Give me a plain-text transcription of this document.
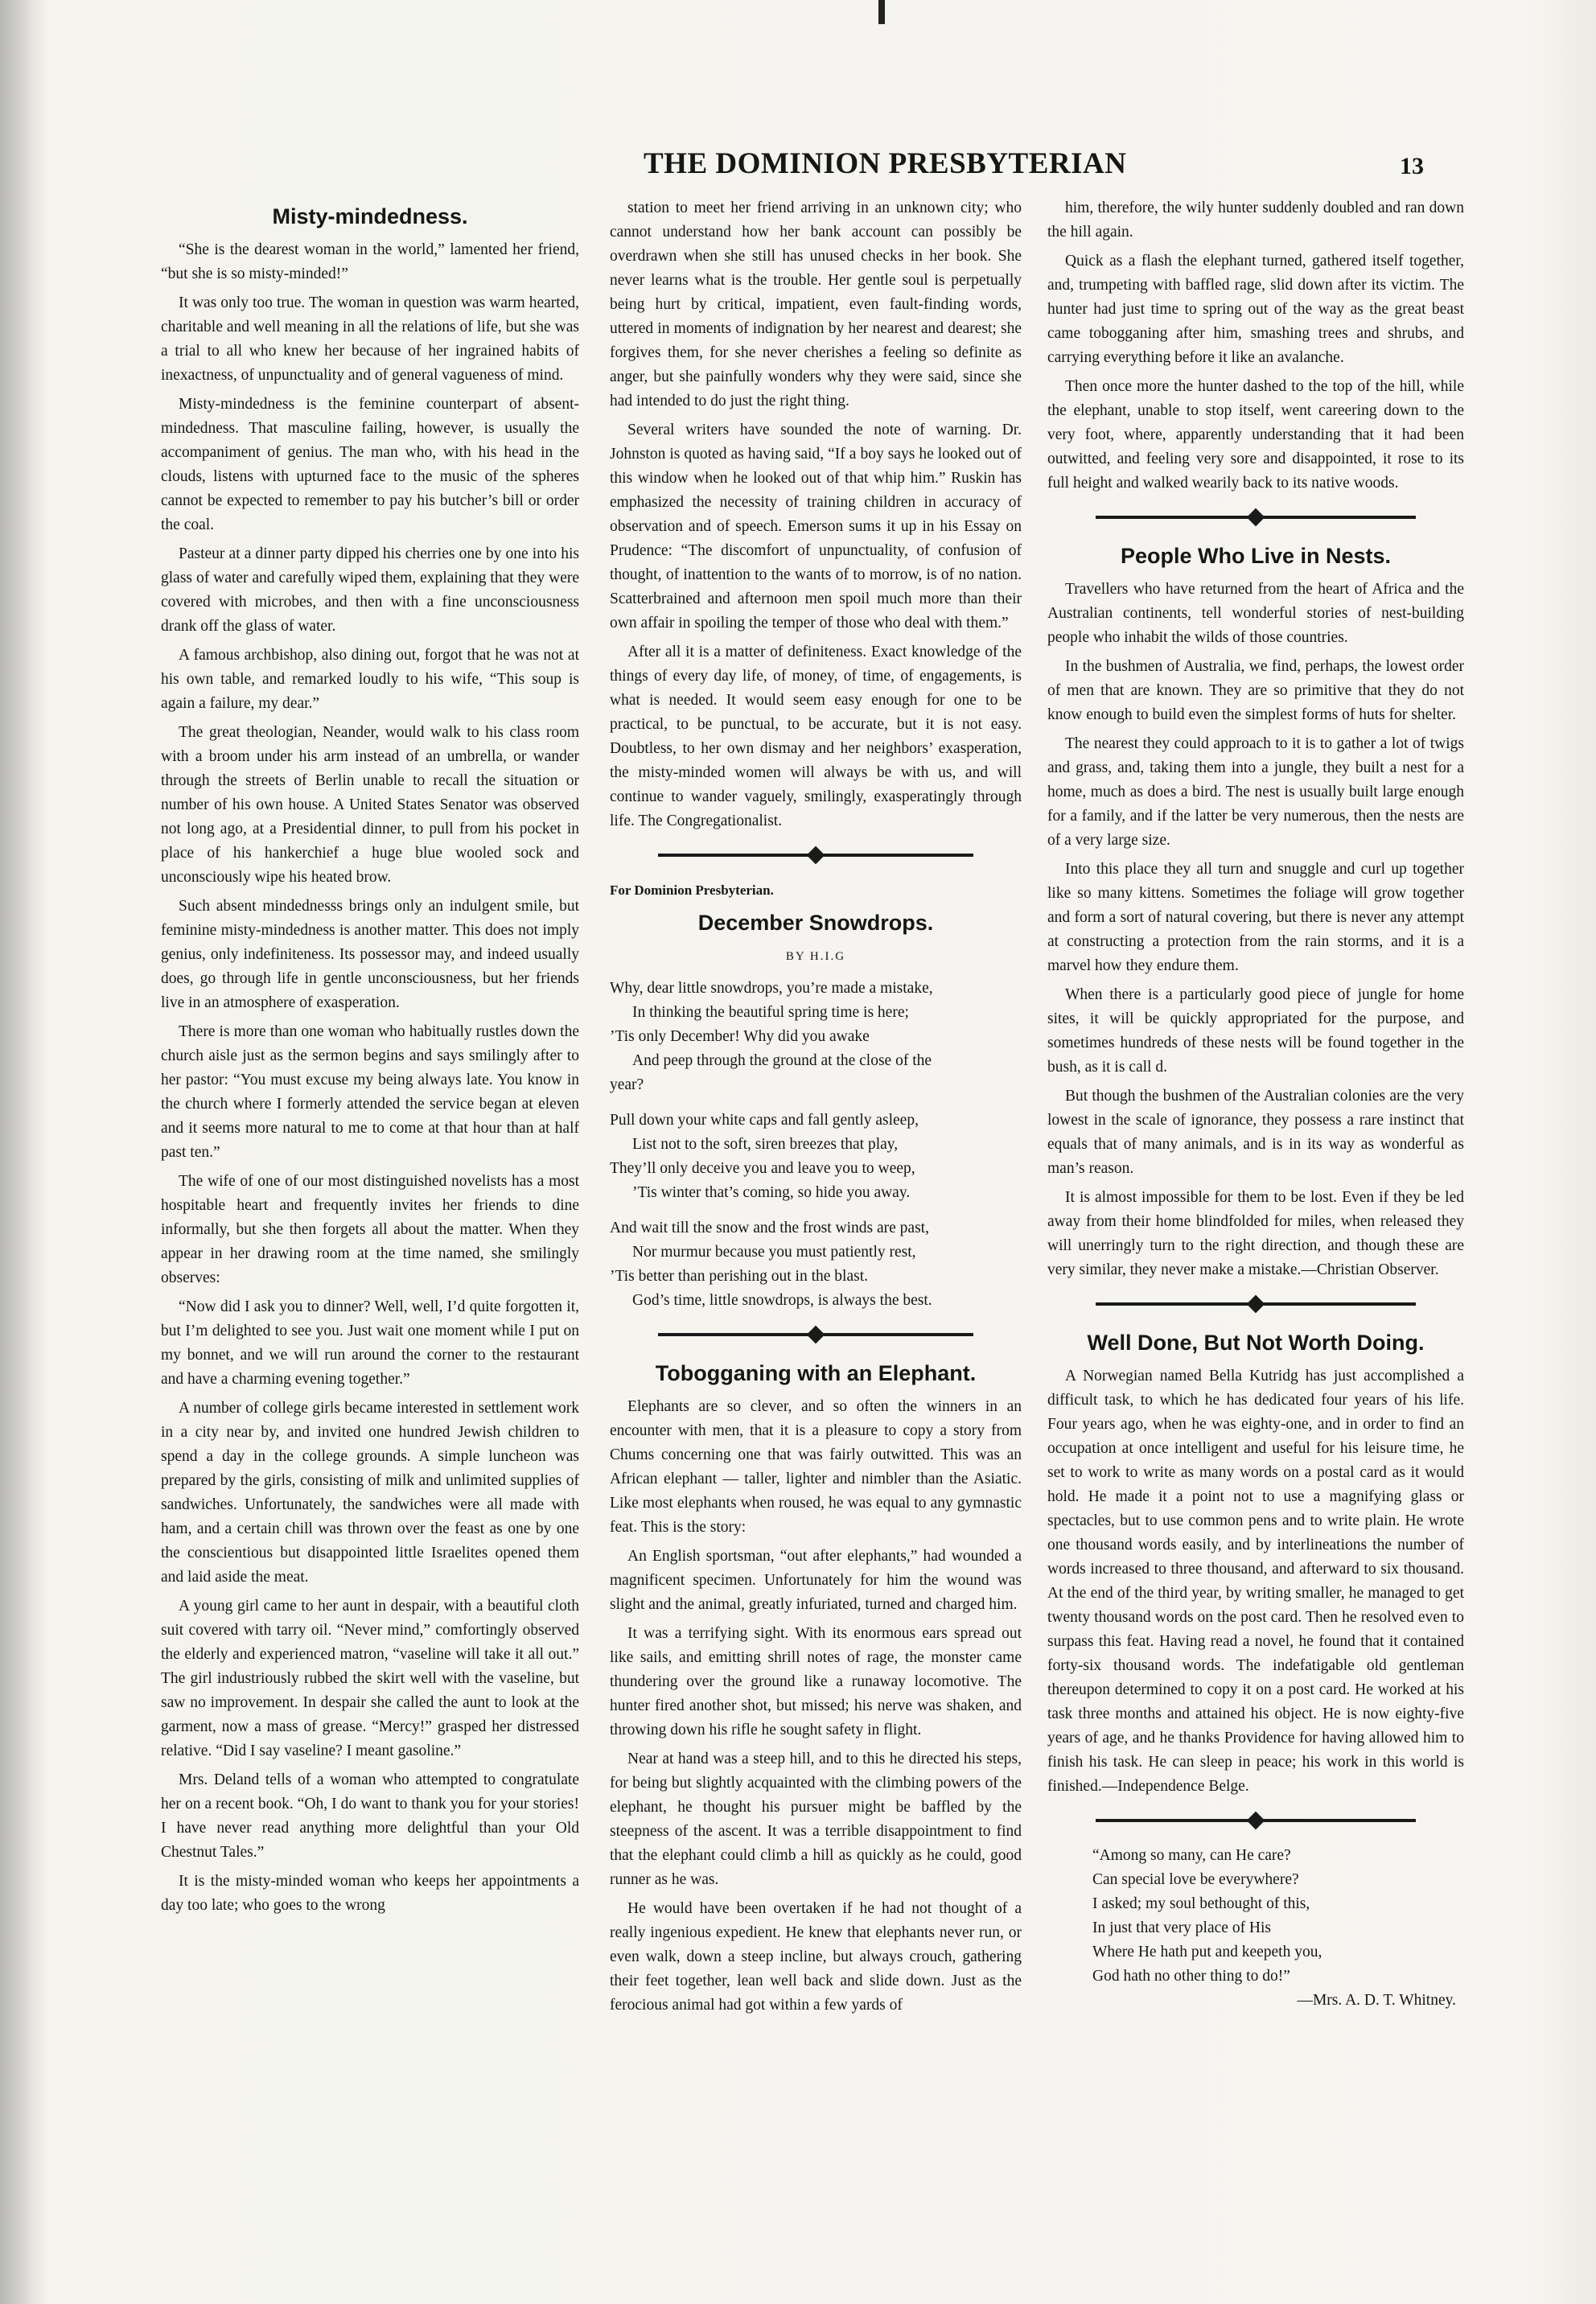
THE DOMINION PRESBYTERIAN	13
Misty-mindedness.

“She is the dearest woman in the world,” lamented her friend, “but she is so misty-minded!”

It was only too true. The woman in question was warm hearted, charitable and well meaning in all the relations of life, but she was a trial to all who knew her because of her ingrained habits of inexactness, of unpunctuality and of general vagueness of mind.

Misty-mindedness is the feminine counterpart of absent-mindedness. That masculine failing, however, is usually the accompaniment of genius. The man who, with his head in the clouds, listens with upturned face to the music of the spheres cannot be expected to remember to pay his butcher’s bill or order the coal.

Pasteur at a dinner party dipped his cherries one by one into his glass of water and carefully wiped them, explaining that they were covered with microbes, and then with a fine unconsciousness drank off the glass of water.

A famous archbishop, also dining out, forgot that he was not at his own table, and remarked loudly to his wife, “This soup is again a failure, my dear.”

The great theologian, Neander, would walk to his class room with a broom under his arm instead of an umbrella, or wander through the streets of Berlin unable to recall the situation or number of his own house. A United States Senator was observed not long ago, at a Presidential dinner, to pull from his pocket in place of his hankerchief a huge blue wooled sock and unconsciously wipe his heated brow.

Such absent mindednesss brings only an indulgent smile, but feminine misty-mindedness is another matter. This does not imply genius, only indefiniteness. Its possessor may, and indeed usually does, go through life in gentle unconsciousness, but her friends live in an atmosphere of exasperation.

There is more than one woman who habitually rustles down the church aisle just as the sermon begins and says smilingly after to her pastor: “You must excuse my being always late. You know in the church where I formerly attended the service began at eleven and it seems more natural to me to come at that hour than at half past ten.”

The wife of one of our most distinguished novelists has a most hospitable heart and frequently invites her friends to dine informally, but she then forgets all about the matter. When they appear in her drawing room at the time named, she smilingly observes:

“Now did I ask you to dinner? Well, well, I’d quite forgotten it, but I’m delighted to see you. Just wait one moment while I put on my bonnet, and we will run around the corner to the restaurant and have a charming evening together.”

A number of college girls became interested in settlement work in a city near by, and invited one hundred Jewish children to spend a day in the college grounds. A simple luncheon was prepared by the girls, consisting of milk and unlimited supplies of sandwiches. Unfortunately, the sandwiches were all made with ham, and a certain chill was thrown over the feast as one by one the conscientious but disappointed little Israelites opened them and laid aside the meat.

A young girl came to her aunt in despair, with a beautiful cloth suit covered with tarry oil. “Never mind,” comfortingly observed the elderly and experienced matron, “vaseline will take it all out.” The girl industriously rubbed the skirt well with the vaseline, but saw no improvement. In despair she called the aunt to look at the garment, now a mass of grease. “Mercy!” grasped her distressed relative. “Did I say vaseline? I meant gasoline.”

Mrs. Deland tells of a woman who attempted to congratulate her on a recent book. “Oh, I do want to thank you for your stories! I have never read anything more delightful than your Old Chestnut Tales.”

It is the misty-minded woman who keeps her appointments a day too late; who goes to the wrong

station to meet her friend arriving in an unknown city; who cannot understand how her bank account can possibly be overdrawn when she still has unused checks in her book. She never learns what is the trouble. Her gentle soul is perpetually being hurt by critical, impatient, even fault-finding words, uttered in moments of indignation by her nearest and dearest; she forgives them, for she never cherishes a feeling so definite as anger, but she painfully wonders why they were said, since she had intended to do just the right thing.

Several writers have sounded the note of warning. Dr. Johnston is quoted as having said, “If a boy says he looked out of this window when he looked out of that whip him.” Ruskin has emphasized the necessity of training children in accuracy of observation and of speech. Emerson sums it up in his Essay on Prudence: “The discomfort of unpunctuality, of confusion of thought, of inattention to the wants of to morrow, is of no nation. Scatterbrained and afternoon men spoil much more than their own affair in spoiling the temper of those who deal with them.”

After all it is a matter of definiteness. Exact knowledge of the things of every day life, of money, of time, of engagements, is what is needed. It would seem easy enough for one to be practical, to be punctual, to be accurate, but it is not easy. Doubtless, to her own dismay and her neighbors’ exasperation, the misty-minded women will always be with us, and will continue to wander vaguely, smilingly, exasperatingly through life. The Congregationalist.

For Dominion Presbyterian.
December Snowdrops.
BY H.I.G

Why, dear little snowdrops, you’re made a mistake,

In thinking the beautiful spring time is here;

’Tis only December! Why did you awake

And peep through the ground at the close of the

year?

Pull down your white caps and fall gently asleep,

List not to the soft, siren breezes that play,

They’ll only deceive you and leave you to weep,

’Tis winter that’s coming, so hide you away.

And wait till the snow and the frost winds are past,

Nor murmur because you must patiently rest,

’Tis better than perishing out in the blast.

God’s time, little snowdrops, is always the best.

Tobogganing with an Elephant.

Elephants are so clever, and so often the winners in an encounter with men, that it is a pleasure to copy a story from Chums concerning one that was fairly outwitted. This was an African elephant — taller, lighter and nimbler than the Asiatic. Like most elephants when roused, he was equal to any gymnastic feat. This is the story:

An English sportsman, “out after elephants,” had wounded a magnificent specimen. Unfortunately for him the wound was slight and the animal, greatly infuriated, turned and charged him.

It was a terrifying sight. With its enormous ears spread out like sails, and emitting shrill notes of rage, the monster came thundering over the ground like a runaway locomotive. The hunter fired another shot, but missed; his nerve was shaken, and throwing down his rifle he sought safety in flight.

Near at hand was a steep hill, and to this he directed his steps, for being but slightly acquainted with the climbing powers of the elephant, he thought his pursuer might be baffled by the steepness of the ascent. It was a terrible disappointment to find that the elephant could climb a hill as quickly as he could, good runner as he was.

He would have been overtaken if he had not thought of a really ingenious expedient. He knew that elephants never run, or even walk, down a steep incline, but always crouch, gathering their feet together, lean well back and slide down. Just as the ferocious animal had got within a few yards of

him, therefore, the wily hunter suddenly doubled and ran down the hill again.

Quick as a flash the elephant turned, gathered itself together, and, trumpeting with baffled rage, slid down after its victim. The hunter had just time to spring out of the way as the great beast came tobogganing after him, smashing trees and shrubs, and carrying everything before it like an avalanche.

Then once more the hunter dashed to the top of the hill, while the elephant, unable to stop itself, went careering down to the very foot, where, apparently understanding that it had been outwitted, and feeling very sore and disappointed, it rose to its full height and walked wearily back to its native woods.

People Who Live in Nests.

Travellers who have returned from the heart of Africa and the Australian continents, tell wonderful stories of nest-building people who inhabit the wilds of those countries.

In the bushmen of Australia, we find, perhaps, the lowest order of men that are known. They are so primitive that they do not know enough to build even the simplest forms of huts for shelter.

The nearest they could approach to it is to gather a lot of twigs and grass, and, taking them into a jungle, they built a nest for a home, much as does a bird. The nest is usually built large enough for a family, and if the latter be very numerous, then the nests are of a very large size.

Into this place they all turn and snuggle and curl up together like so many kittens. Sometimes the foliage will grow together and form a sort of natural covering, but there is never any attempt at constructing a protection from the rain storms, and it is a marvel how they endure them.

When there is a particularly good piece of jungle for home sites, it will be quickly appropriated for the purpose, and sometimes hundreds of these nests will be found together in the bush, as it is call d.

But though the bushmen of the Australian colonies are the very lowest in the scale of ignorance, they possess a rare instinct that equals that of many animals, and is in its way as wonderful as man’s reason.

It is almost impossible for them to be lost. Even if they be led away from their home blindfolded for miles, when released they will unerringly turn to the right direction, and though these are very similar, they never make a mistake.—Christian Observer.

Well Done, But Not Worth Doing.

A Norwegian named Bella Kutridg has just accomplished a difficult task, to which he has dedicated four years of his life. Four years ago, when he was eighty-one, and in order to find an occupation at once intelligent and useful for his leisure time, he set to work to write as many words on a postal card as it would hold. He made it a point not to use a magnifying glass or spectacles, but to use common pens and to write plain. He wrote one thousand words easily, and by interlineations the number of words increased to three thousand, and afterward to six thousand. At the end of the third year, by writing smaller, he managed to get twenty thousand words on the post card. Then he resolved even to surpass this feat. Having read a novel, he found that it contained forty-six thousand words. The indefatigable old gentleman thereupon determined to copy it on a post card. He worked at his task three months and attained his object. He is now eighty-five years of age, and he thanks Providence for having allowed him to finish his task. He can sleep in peace; his work in this world is finished.—Independence Belge.

“Among so many, can He care?

Can special love be everywhere?

I asked; my soul bethought of this,

In just that very place of His

Where He hath put and keepeth you,

God hath no other thing to do!”

—Mrs. A. D. T. Whitney.
